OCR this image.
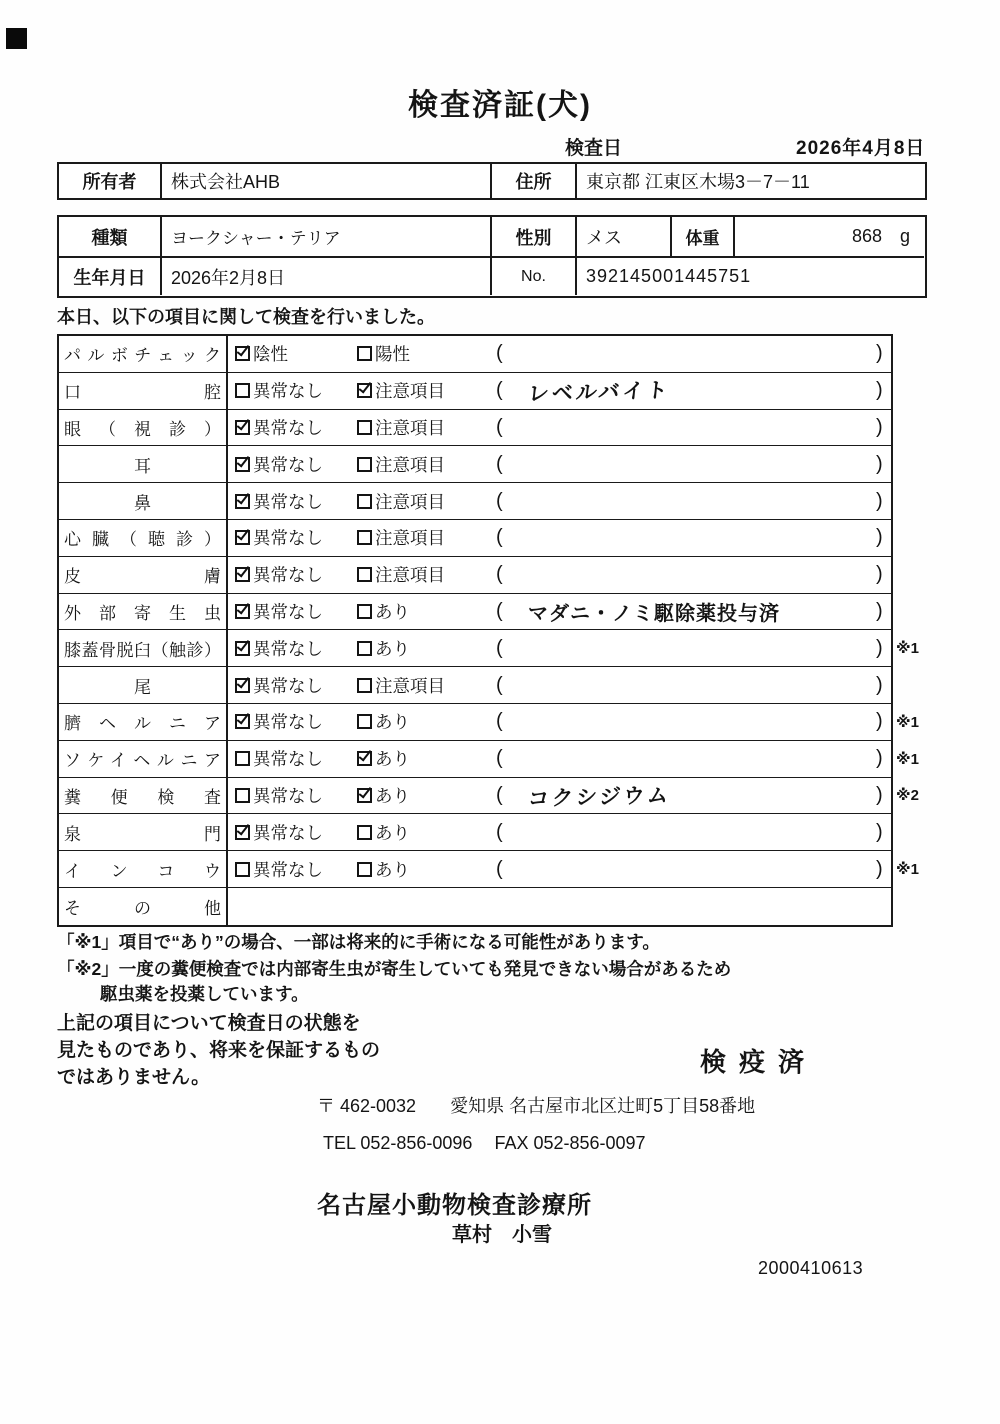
検査済証(犬)
検査日	2026年4月8日
所有者	株式会社AHB	住所	東京都 江東区木場3－7－11
種類	ヨークシャー・テリア	性別	メス	体重	868 g
生年月日	2026年2月8日	No.	392145001445751

本日、以下の項目に関して検査を行いました。

パルボチェック 陰性	陽性	(	)
口腔 異常なし	注意項目	( レベルバイト	)
眼（視診） 異常なし	注意項目	(	)
耳	異常なし	注意項目	(	)
鼻	異常なし	注意項目	(	)
心臓（聴診） 異常なし	注意項目	(	)
皮膚 異常なし	注意項目	(	)
外部寄生虫 異常なし	あり	( マダニ・ノミ駆除薬投与済	)
膝蓋骨脱臼（触診） 異常なし	あり	(	) ※1
尾	異常なし	注意項目	(	)
臍ヘルニア 異常なし	あり	(	) ※1
ソケイヘルニア 異常なし	あり	(	) ※1
糞便検査 異常なし	あり	( コクシジウム	) ※2
泉門 異常なし	あり	(	)
インコウ 異常なし	あり	(	) ※1
その他

「※1」項目で“あり”の場合、一部は将来的に手術になる可能性があります。

「※2」一度の糞便検査では内部寄生虫が寄生していても発見できない場合があるため

駆虫薬を投薬しています。

上記の項目について検査日の状態を
見たものであり、将来を保証するもの
ではありません。
検疫済

〒 462-0032 愛知県 名古屋市北区辻町5丁目58番地

TEL 052-856-0096 FAX 052-856-0097

名古屋小動物検査診療所

草村　小雪

2000410613
